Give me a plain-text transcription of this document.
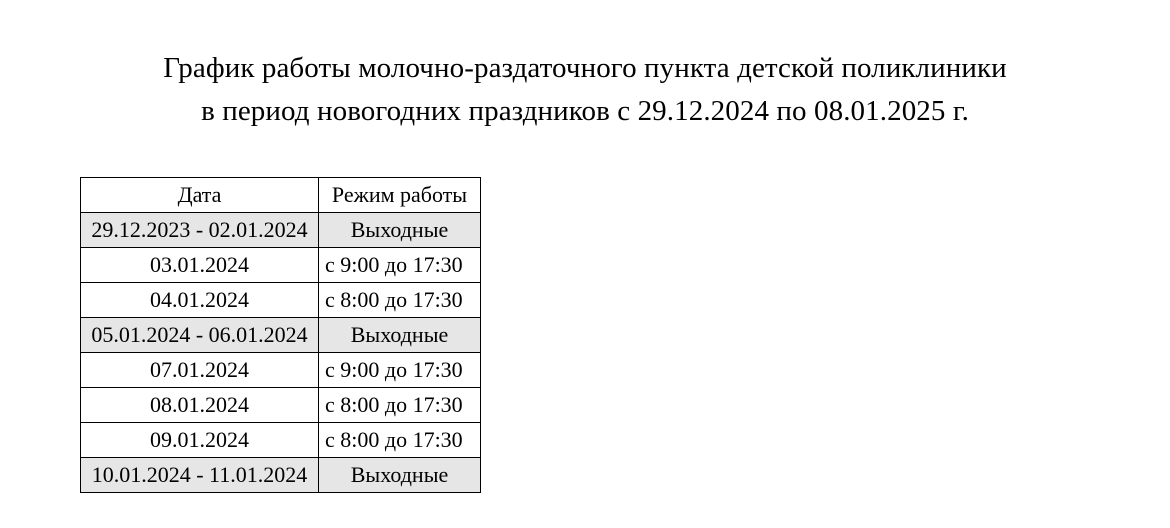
График работы молочно-раздаточного пункта детской поликлиники
в период новогодних праздников с 29.12.2024 по 08.01.2025 г.
Дата	Режим работы
29.12.2023 - 02.01.2024	Выходные
03.01.2024	с 9:00 до 17:30
04.01.2024	с 8:00 до 17:30
05.01.2024 - 06.01.2024	Выходные
07.01.2024	с 9:00 до 17:30
08.01.2024	с 8:00 до 17:30
09.01.2024	с 8:00 до 17:30
10.01.2024 - 11.01.2024	Выходные
